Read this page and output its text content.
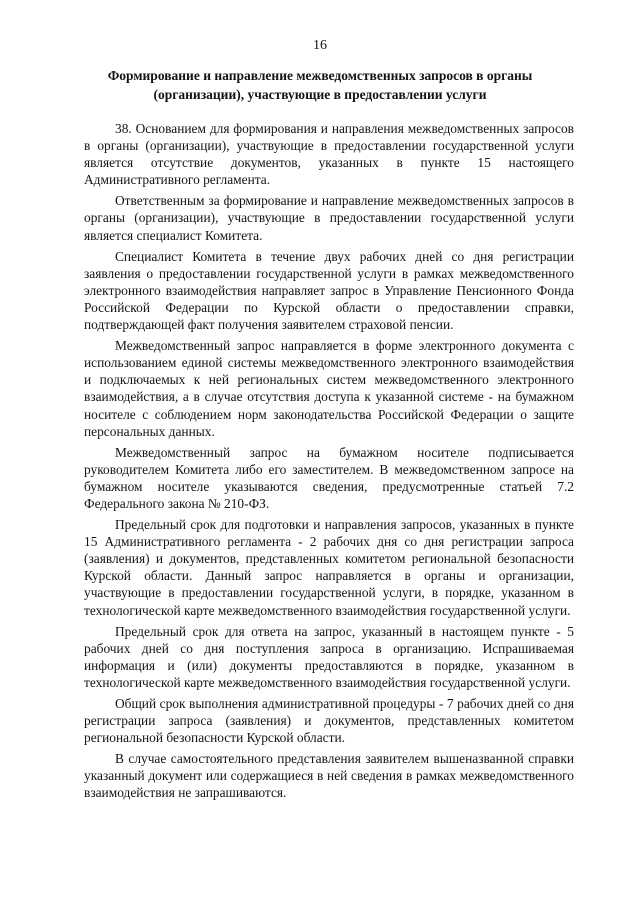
16
Формирование и направление межведомственных запросов в органы (организации), участвующие в предоставлении услуги

38. Основанием для формирования и направления межведомственных запросов в органы (организации), участвующие в предоставлении государственной услуги является отсутствие документов, указанных в пункте 15 настоящего Административного регламента.

Ответственным за формирование и направление межведомственных запросов в органы (организации), участвующие в предоставлении государственной услуги является специалист Комитета.

Специалист Комитета в течение двух рабочих дней со дня регистрации заявления о предоставлении государственной услуги в рамках межведомственного электронного взаимодействия направляет запрос в Управление Пенсионного Фонда Российской Федерации по Курской области о предоставлении справки, подтверждающей факт получения заявителем страховой пенсии.

Межведомственный запрос направляется в форме электронного документа с использованием единой системы межведомственного электронного взаимодействия и подключаемых к ней региональных систем межведомственного электронного взаимодействия, а в случае отсутствия доступа к указанной системе - на бумажном носителе с соблюдением норм законодательства Российской Федерации о защите персональных данных.

Межведомственный запрос на бумажном носителе подписывается руководителем Комитета либо его заместителем. В межведомственном запросе на бумажном носителе указываются сведения, предусмотренные статьей 7.2 Федерального закона № 210-ФЗ.

Предельный срок для подготовки и направления запросов, указанных в пункте 15 Административного регламента - 2 рабочих дня со дня регистрации запроса (заявления) и документов, представленных комитетом региональной безопасности Курской области. Данный запрос направляется в органы и организации, участвующие в предоставлении государственной услуги, в порядке, указанном в технологической карте межведомственного взаимодействия государственной услуги.

Предельный срок для ответа на запрос, указанный в настоящем пункте - 5 рабочих дней со дня поступления запроса в организацию. Испрашиваемая информация и (или) документы предоставляются в порядке, указанном в технологической карте межведомственного взаимодействия государственной услуги.

Общий срок выполнения административной процедуры - 7 рабочих дней со дня регистрации запроса (заявления) и документов, представленных комитетом региональной безопасности Курской области.

В случае самостоятельного представления заявителем вышеназванной справки указанный документ или содержащиеся в ней сведения в рамках межведомственного взаимодействия не запрашиваются.
